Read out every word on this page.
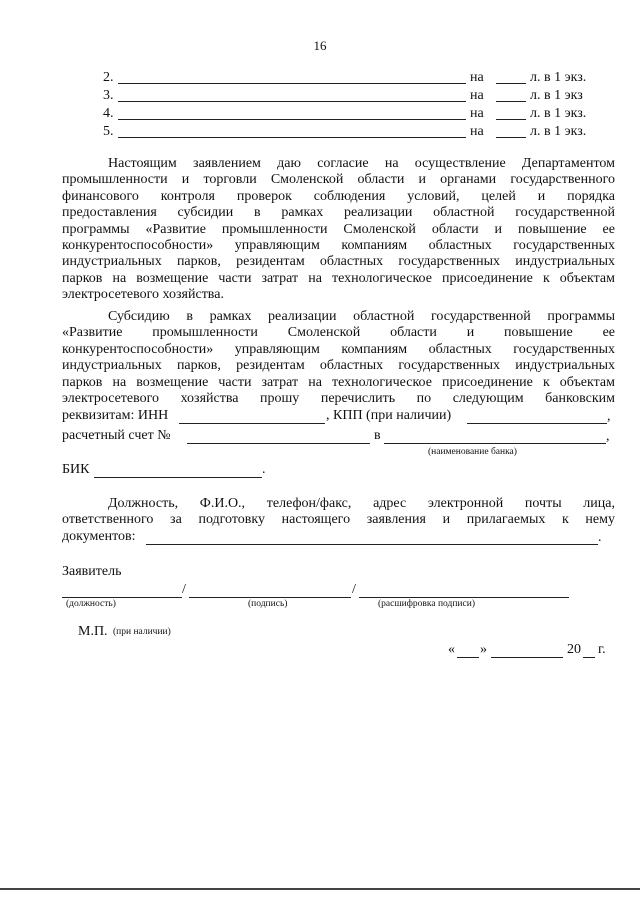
16
2.	на	л. в 1 экз.
3.	на	л. в 1 экз
4.	на	л. в 1 экз.
5.	на	л. в 1 экз.
Настоящим заявлением даю согласие на осуществление Департаментом
промышленности и торговли Смоленской области и органами государственного
финансового контроля проверок соблюдения условий, целей и порядка
предоставления субсидии в рамках реализации областной государственной
программы «Развитие промышленности Смоленской области и повышение ее
конкурентоспособности» управляющим компаниям областных государственных
индустриальных парков, резидентам областных государственных индустриальных
парков на возмещение части затрат на технологическое присоединение к объектам
электросетевого хозяйства.
Субсидию в рамках реализации областной государственной программы
«Развитие промышленности Смоленской области и повышение ее
конкурентоспособности» управляющим компаниям областных государственных
индустриальных парков, резидентам областных государственных индустриальных
парков на возмещение части затрат на технологическое присоединение к объектам
электросетевого хозяйства прошу перечислить по следующим банковским
реквизитам: ИНН	, КПП (при наличии)	,
расчетный счет №	в	,
(наименование банка)
БИК	.
Должность, Ф.И.О., телефон/факс, адрес электронной почты лица,
ответственного за подготовку настоящего заявления и прилагаемых к нему
документов:	.
Заявитель
/	/
(должность)	(подпись)	(расшифровка подписи)
М.П. (при наличии)
« »	20 г.
